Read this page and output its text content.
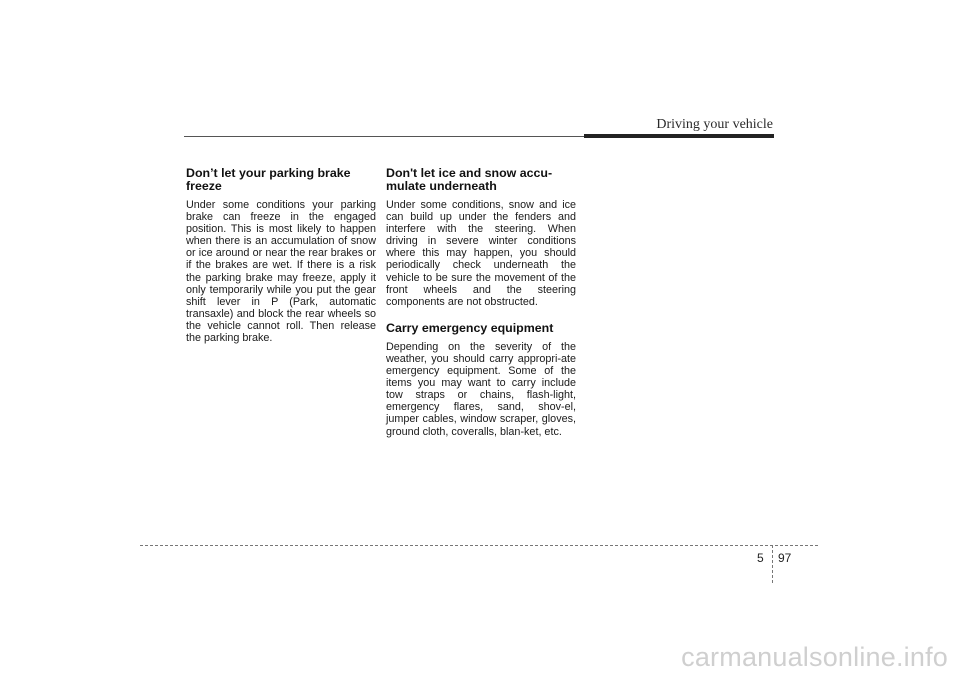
Driving your vehicle
Don’t let your parking brake freeze

Under some conditions your parking brake can freeze in the engaged position. This is most likely to happen when there is an accumulation of snow or ice around or near the rear brakes or if the brakes are wet. If there is a risk the parking brake may freeze, apply it only temporarily while you put the gear shift lever in P (Park, automatic transaxle) and block the rear wheels so the vehicle cannot roll. Then release the parking brake.

Don't let ice and snow accu-mulate underneath

Under some conditions, snow and ice can build up under the fenders and interfere with the steering. When driving in severe winter conditions where this may happen, you should periodically check underneath the vehicle to be sure the movement of the front wheels and the steering components are not obstructed.

Carry emergency equipment

Depending on the severity of the weather, you should carry appropri-ate emergency equipment. Some of the items you may want to carry include tow straps or chains, flash-light, emergency flares, sand, shov-el, jumper cables, window scraper, gloves, ground cloth, coveralls, blan-ket, etc.

5 97
carmanualsonline.info
